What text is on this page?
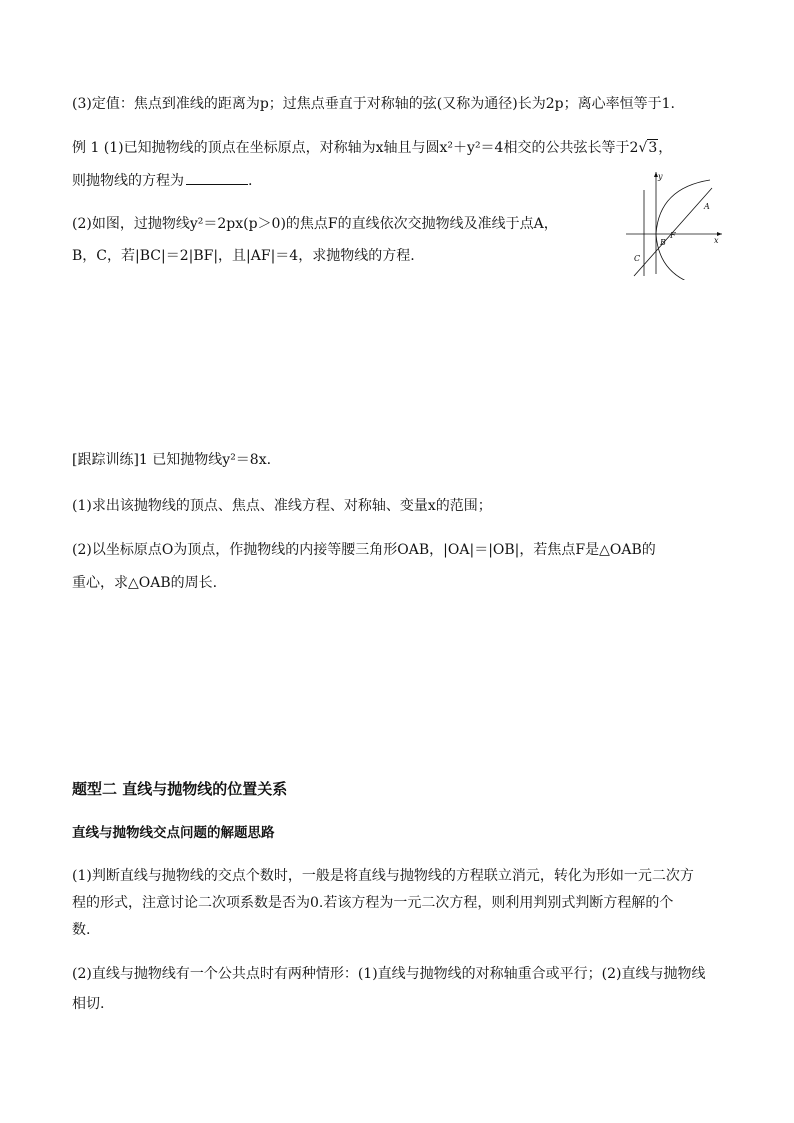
(3)定值：焦点到准线的距离为p；过焦点垂直于对称轴的弦(又称为通径)长为2p；离心率恒等于1.
例 1 (1)已知抛物线的顶点在坐标原点，对称轴为x轴且与圆x²＋y²＝4相交的公共弦长等于2√3，
则抛物线的方程为	.
(2)如图，过抛物线y²＝2px(p＞0)的焦点F的直线依次交抛物线及准线于点A，
B，C，若|BC|＝2|BF|，且|AF|＝4，求抛物线的方程.
y
x
A
B
F
C
[跟踪训练]1 已知抛物线y²＝8x.
(1)求出该抛物线的顶点、焦点、准线方程、对称轴、变量x的范围；
(2)以坐标原点O为顶点，作抛物线的内接等腰三角形OAB，|OA|＝|OB|，若焦点F是△OAB的
重心，求△OAB的周长.
题型二 直线与抛物线的位置关系
直线与抛物线交点问题的解题思路
(1)判断直线与抛物线的交点个数时，一般是将直线与抛物线的方程联立消元，转化为形如一元二次方
程的形式，注意讨论二次项系数是否为0.若该方程为一元二次方程，则利用判别式判断方程解的个
数.
(2)直线与抛物线有一个公共点时有两种情形：(1)直线与抛物线的对称轴重合或平行；(2)直线与抛物线
相切.
